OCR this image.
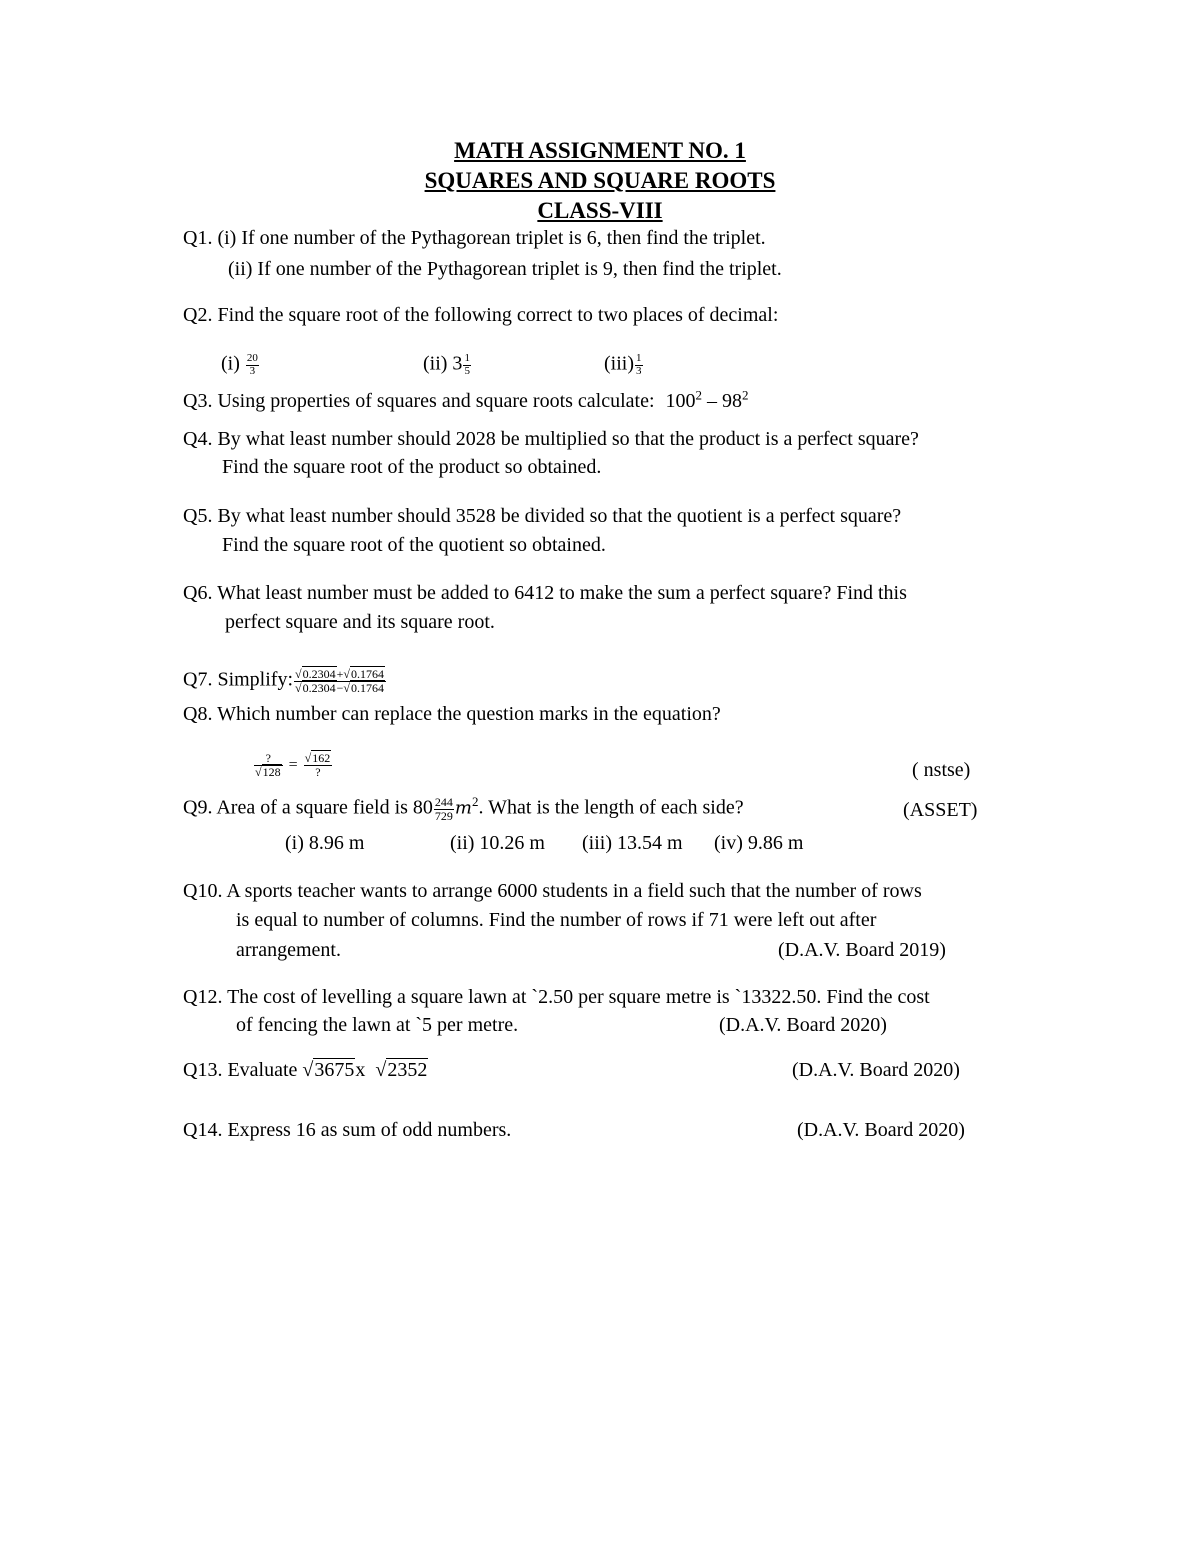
MATH ASSIGNMENT NO. 1
SQUARES AND SQUARE ROOTS
CLASS-VIII
Q1. (i) If one number of the Pythagorean triplet is 6, then find the triplet.
(ii) If one number of the Pythagorean triplet is 9, then find the triplet.
Q2. Find the square root of the following correct to two places of decimal:
$(i) \frac{20}{3}$	(ii) $3 \frac{1}{5}$	$(iii) \frac{1}{3}$
Q3. Using properties of squares and square roots calculate: $100^2 - 98^2$
Q4. By what least number should 2028 be multiplied so that the product is a perfect square?
Find the square root of the product so obtained.
Q5. By what least number should 3528 be divided so that the quotient is a perfect square?
Find the square root of the quotient so obtained.
Q6. What least number must be added to 6412 to make the sum a perfect square? Find this
perfect square and its square root.
Q7. Simplify: $\frac{√0.2304+√0.1764}{√0.2304-√0.1764}$
Q8. Which number can replace the question marks in the equation?
$\frac{?}{√128} = \frac{√162}{?}$	( nstse)
Q9. Area of a square field is $80 \frac{244}{729} m^2$. What is the length of each side?	(ASSET)
(i) 8.96 m	(ii) 10.26 m (iii) 13.54 m (iv) 9.86 m
Q10. A sports teacher wants to arrange 6000 students in a field such that the number of rows
is equal to number of columns. Find the number of rows if 71 were left out after
arrangement.	(D.A.V. Board 2019)
Q12. The cost of levelling a square lawn at `2.50 per square metre is `13322.50. Find the cost
of fencing the lawn at `5 per metre.	(D.A.V. Board 2020)
Q13. Evaluate √3675x √2352	(D.A.V. Board 2020)
Q14. Express 16 as sum of odd numbers.	(D.A.V. Board 2020)
